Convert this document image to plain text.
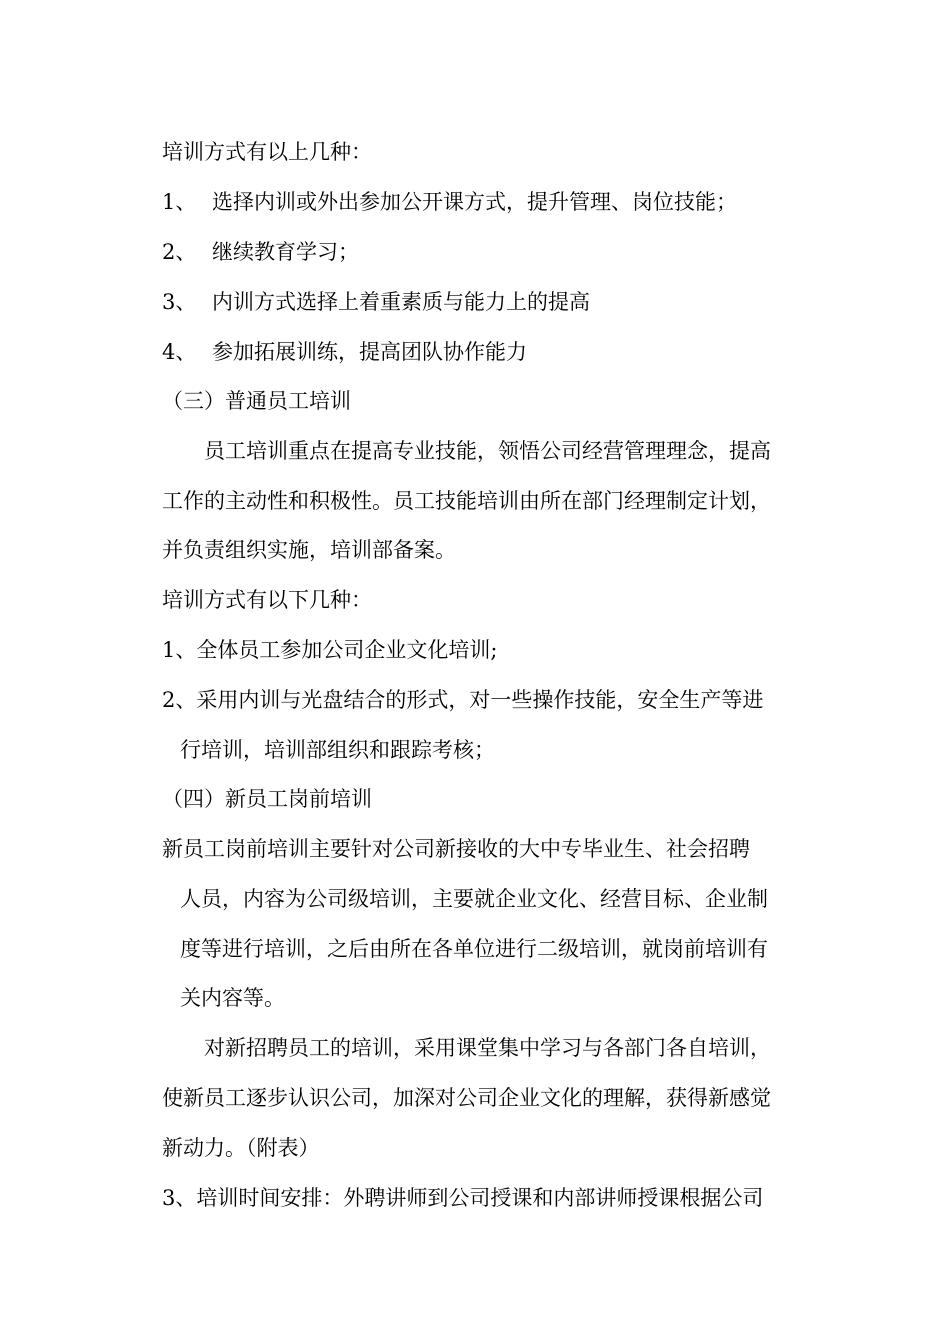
培训方式有以上几种：
1、 选择内训或外出参加公开课方式，提升管理、岗位技能；
2、 继续教育学习；
3、 内训方式选择上着重素质与能力上的提高
4、 参加拓展训练，提高团队协作能力
（三）普通员工培训
员工培训重点在提高专业技能，领悟公司经营管理理念，提高
工作的主动性和积极性。员工技能培训由所在部门经理制定计划，
并负责组织实施，培训部备案。
培训方式有以下几种：
1、全体员工参加公司企业文化培训;
2、采用内训与光盘结合的形式，对一些操作技能，安全生产等进
行培训，培训部组织和跟踪考核；
（四）新员工岗前培训
新员工岗前培训主要针对公司新接收的大中专毕业生、社会招聘
人员，内容为公司级培训，主要就企业文化、经营目标、企业制
度等进行培训，之后由所在各单位进行二级培训，就岗前培训有
关内容等。
对新招聘员工的培训，采用课堂集中学习与各部门各自培训，
使新员工逐步认识公司，加深对公司企业文化的理解，获得新感觉
新动力。（附表）
3、培训时间安排：外聘讲师到公司授课和内部讲师授课根据公司
